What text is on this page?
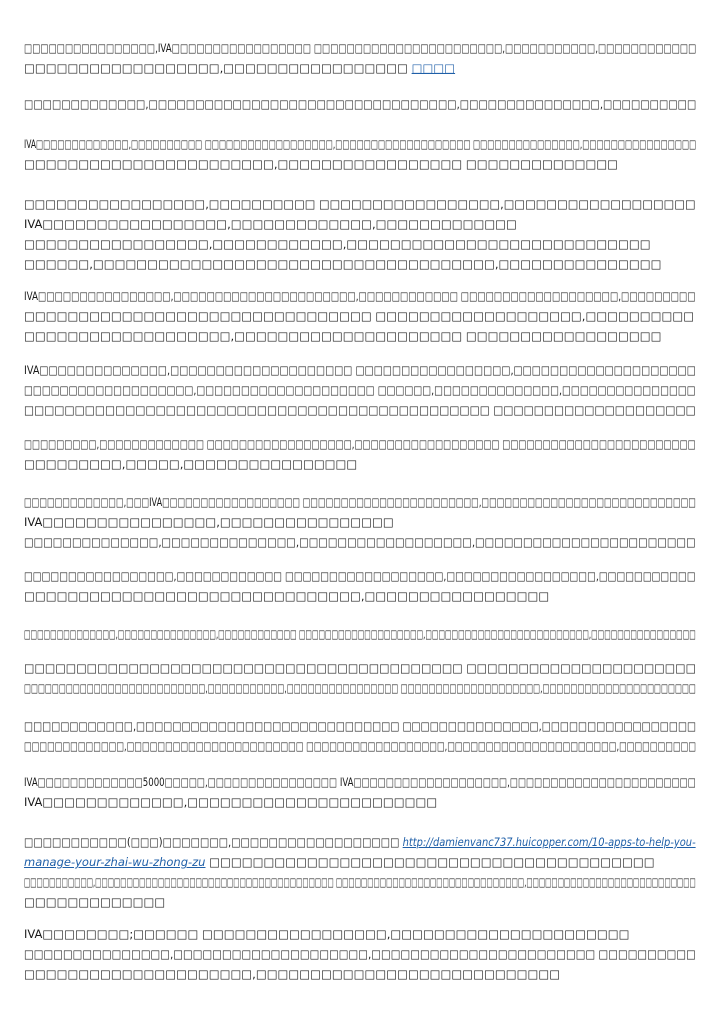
□□□□□□□□□□□□□□□□,IVA□□□□□□□□□□□□□□□□□ □□□□□□□□□□□□□□□□□□□□□□□,□□□□□□□□□□□,□□□□□□□□□□□□
□□□□□□□□□□□□□□□□□□,□□□□□□□□□□□□□□□□□ □□□□
□□□□□□□□□□□□□,□□□□□□□□□□□□□□□□□□□□□□□□□□□□□□□□□,□□□□□□□□□□□□□□□,□□□□□□□□□□
IVA□□□□□□□□□□□□□,□□□□□□□□□□ □□□□□□□□□□□□□□□□□□,□□□□□□□□□□□□□□□□□□□ □□□□□□□□□□□□□□□,□□□□□□□□□□□□□□□□
□□□□□□□□□□□□□□□□□□□□□□□,□□□□□□□□□□□□□□□□□ □□□□□□□□□□□□□□
□□□□□□□□□□□□□□□□□,□□□□□□□□□□ □□□□□□□□□□□□□□□□□,□□□□□□□□□□□□□□□□□□
IVA□□□□□□□□□□□□□□□□□,□□□□□□□□□□□□□,□□□□□□□□□□□□□
□□□□□□□□□□□□□□□□□,□□□□□□□□□□□□,□□□□□□□□□□□□□□□□□□□□□□□□□□□□
□□□□□□,□□□□□□□□□□□□□□□□□□□□□□□□□□□□□□□□□□□□□,□□□□□□□□□□□□□□□
IVA□□□□□□□□□□□□□□□□,□□□□□□□□□□□□□□□□□□□□□□,□□□□□□□□□□□□ □□□□□□□□□□□□□□□□□□□,□□□□□□□□□
□□□□□□□□□□□□□□□□□□□□□□□□□□□□□□□□ □□□□□□□□□□□□□□□□□□□,□□□□□□□□□□
□□□□□□□□□□□□□□□□□□□,□□□□□□□□□□□□□□□□□□□□□ □□□□□□□□□□□□□□□□□□
IVA□□□□□□□□□□□□□□,□□□□□□□□□□□□□□□□□□□□ □□□□□□□□□□□□□□□□□,□□□□□□□□□□□□□□□□□□□□
□□□□□□□□□□□□□□□□□□□,□□□□□□□□□□□□□□□□□□□□ □□□□□□,□□□□□□□□□□□□□□,□□□□□□□□□□□□□□□
□□□□□□□□□□□□□□□□□□□□□□□□□□□□□□□□□□□□□□□□□□□□□□ □□□□□□□□□□□□□□□□□□□□
□□□□□□□□□,□□□□□□□□□□□□□ □□□□□□□□□□□□□□□□□□,□□□□□□□□□□□□□□□□□□ □□□□□□□□□□□□□□□□□□□□□□□□
□□□□□□□□□,□□□□□,□□□□□□□□□□□□□□□□
□□□□□□□□□□□□□,□□□IVA□□□□□□□□□□□□□□□□□□ □□□□□□□□□□□□□□□□□□□□□□□,□□□□□□□□□□□□□□□□□□□□□□□□□□□□
IVA□□□□□□□□□□□□□□□□,□□□□□□□□□□□□□□□□
□□□□□□□□□□□□□□,□□□□□□□□□□□□□□,□□□□□□□□□□□□□□□□□□,□□□□□□□□□□□□□□□□□□□□□□□
□□□□□□□□□□□□□□□□□,□□□□□□□□□□□□ □□□□□□□□□□□□□□□□□□,□□□□□□□□□□□□□□□□□,□□□□□□□□□□□
□□□□□□□□□□□□□□□□□□□□□□□□□□□□□□□,□□□□□□□□□□□□□□□□□
□□□□□□□□□□□□□□,□□□□□□□□□□□□□□□,□□□□□□□□□□□□ □□□□□□□□□□□□□□□□□□□,□□□□□□□□□□□□□□□□□□□□□□□□□,□□□□□□□□□□□□□□□□
□□□□□□□□□□□□□□□□□□□□□□□□□□□□□□□□□□□□□□□□□□ □□□□□□□□□□□□□□□□□□□□□□
□□□□□□□□□□□□□□□□□□□□□□□□□□,□□□□□□□□□□□,□□□□□□□□□□□□□□□□ □□□□□□□□□□□□□□□□□□□□,□□□□□□□□□□□□□□□□□□□□□□
□□□□□□□□□□□□,□□□□□□□□□□□□□□□□□□□□□□□□□□□□□ □□□□□□□□□□□□□□□,□□□□□□□□□□□□□□□□□
□□□□□□□□□□□□□,□□□□□□□□□□□□□□□□□□□□□□□ □□□□□□□□□□□□□□□□□□,□□□□□□□□□□□□□□□□□□□□□□,□□□□□□□□□□
IVA□□□□□□□□□□□□□5000□□□□□,□□□□□□□□□□□□□□□□ IVA□□□□□□□□□□□□□□□□□□□,□□□□□□□□□□□□□□□□□□□□□□□
IVA□□□□□□□□□□□□□,□□□□□□□□□□□□□□□□□□□□□□□
□□□□□□□□□□□(□□□)□□□□□□□,□□□□□□□□□□□□□□□□□□ http://damienvanc737.huicopper.com/10-apps-to-help-you-
manage-your-zhai-wu-zhong-zu □□□□□□□□□□□□□□□□□□□□□□□□□□□□□□□□□□□□□□□□□
□□□□□□□□□□□,□□□□□□□□□□□□□□□□□□□□□□□□□□□□□□□□□□□□□□ □□□□□□□□□□□□□□□□□□□□□□□□□□□□□□,□□□□□□□□□□□□□□□□□□□□□□□□□□□
□□□□□□□□□□□□□
IVA□□□□□□□□;□□□□□□ □□□□□□□□□□□□□□□□□,□□□□□□□□□□□□□□□□□□□□□□
□□□□□□□□□□□□□□□,□□□□□□□□□□□□□□□□□□□□,□□□□□□□□□□□□□□□□□□□□□□□ □□□□□□□□□□
□□□□□□□□□□□□□□□□□□□□□,□□□□□□□□□□□□□□□□□□□□□□□□□□□□
